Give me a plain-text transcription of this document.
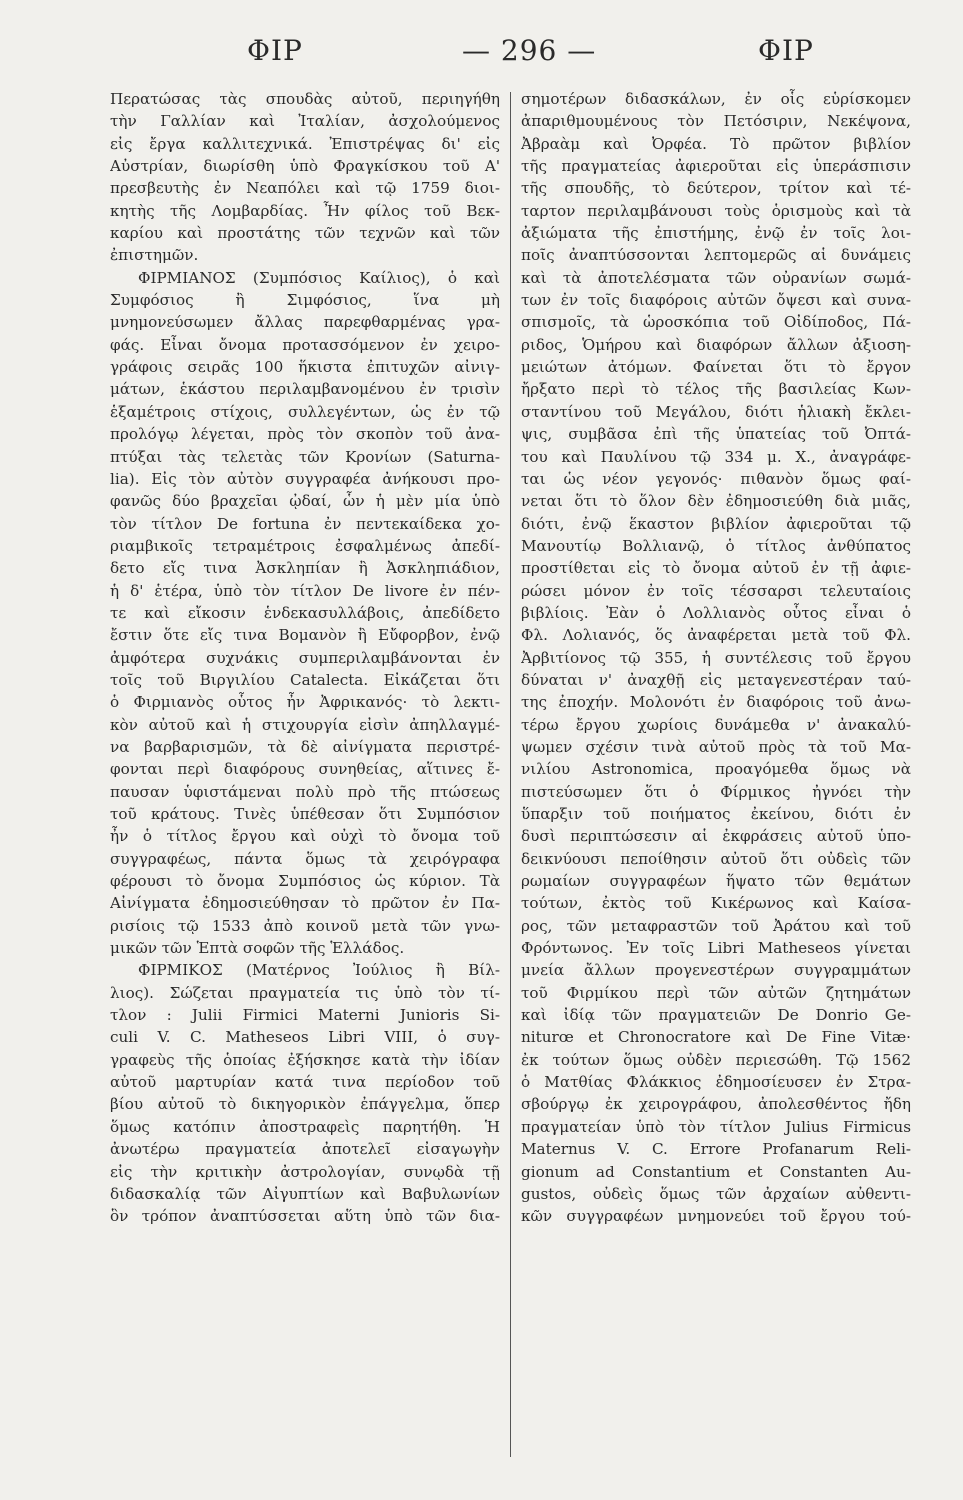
ΦΙΡ	— 296 —	ΦΙΡ
Περατώσας τὰς σπουδὰς αὐτοῦ, περιηγήθη
τὴν Γαλλίαν καὶ Ἰταλίαν, ἀσχολούμενος
εἰς ἔργα καλλιτεχνικά. Ἐπιστρέψας δι' εἰς
Αὐστρίαν, διωρίσθη ὑπὸ Φραγκίσκου τοῦ Α'
πρεσβευτὴς ἐν Νεαπόλει καὶ τῷ 1759 διοι-
κητὴς τῆς Λομβαρδίας. Ἦν φίλος τοῦ Βεκ-
καρίου καὶ προστάτης τῶν τεχνῶν καὶ τῶν
ἐπιστημῶν.
ΦΙΡΜΙΑΝΟΣ (Συμπόσιος Καίλιος), ὁ καὶ
Συμφόσιος ἢ Σιμφόσιος, ἵνα μὴ
μνημονεύσωμεν ἄλλας παρεφθαρμένας γρα-
φάς. Εἶναι ὄνομα προτασσόμενον ἐν χειρο-
γράφοις σειρᾶς 100 ἥκιστα ἐπιτυχῶν αἰνιγ-
μάτων, ἑκάστου περιλαμβανομένου ἐν τρισὶν
ἑξαμέτροις στίχοις, συλλεγέντων, ὡς ἐν τῷ
προλόγῳ λέγεται, πρὸς τὸν σκοπὸν τοῦ ἀνα-
πτύξαι τὰς τελετὰς τῶν Κρονίων (Saturna-
lia). Εἰς τὸν αὐτὸν συγγραφέα ἀνήκουσι προ-
φανῶς δύο βραχεῖαι ᾠδαί, ὧν ἡ μὲν μία ὑπὸ
τὸν τίτλον De fortuna ἐν πεντεκαίδεκα χο-
ριαμβικοῖς τετραμέτροις ἐσφαλμένως ἀπεδί-
δετο εἴς τινα Ἀσκληπίαν ἢ Ἀσκληπιάδιον,
ἡ δ' ἑτέρα, ὑπὸ τὸν τίτλον De livore ἐν πέν-
τε καὶ εἴκοσιν ἑνδεκασυλλάβοις, ἀπεδίδετο
ἔστιν ὅτε εἴς τινα Βομανὸν ἢ Εὔφορβον, ἐνῷ
ἀμφότερα συχνάκις συμπεριλαμβάνονται ἐν
τοῖς τοῦ Βιργιλίου Catalecta. Εἰκάζεται ὅτι
ὁ Φιρμιανὸς οὗτος ἦν Ἀφρικανός· τὸ λεκτι-
κὸν αὐτοῦ καὶ ἡ στιχουργία εἰσὶν ἀπηλλαγμέ-
να βαρβαρισμῶν, τὰ δὲ αἰνίγματα περιστρέ-
φονται περὶ διαφόρους συνηθείας, αἵτινες ἔ-
παυσαν ὑφιστάμεναι πολὺ πρὸ τῆς πτώσεως
τοῦ κράτους. Τινὲς ὑπέθεσαν ὅτι Συμπόσιον
ἦν ὁ τίτλος ἔργου καὶ οὐχὶ τὸ ὄνομα τοῦ
συγγραφέως, πάντα ὅμως τὰ χειρόγραφα
φέρουσι τὸ ὄνομα Συμπόσιος ὡς κύριον. Τὰ
Αἰνίγματα ἐδημοσιεύθησαν τὸ πρῶτον ἐν Πα-
ρισίοις τῷ 1533 ἀπὸ κοινοῦ μετὰ τῶν γνω-
μικῶν τῶν Ἑπτὰ σοφῶν τῆς Ἑλλάδος.
ΦΙΡΜΙΚΟΣ (Ματέρνος Ἰούλιος ἢ Βίλ-
λιος). Σώζεται πραγματεία τις ὑπὸ τὸν τί-
τλον : Julii Firmici Materni Junioris Si-
culi V. C. Matheseos Libri VIII, ὁ συγ-
γραφεὺς τῆς ὁποίας ἐξήσκησε κατὰ τὴν ἰδίαν
αὐτοῦ μαρτυρίαν κατά τινα περίοδον τοῦ
βίου αὐτοῦ τὸ δικηγορικὸν ἐπάγγελμα, ὅπερ
ὅμως κατόπιν ἀποστραφεὶς παρητήθη. Ἡ
ἀνωτέρω πραγματεία ἀποτελεῖ εἰσαγωγὴν
εἰς τὴν κριτικὴν ἀστρολογίαν, συνῳδὰ τῇ
διδασκαλίᾳ τῶν Αἰγυπτίων καὶ Βαβυλωνίων
ὃν τρόπον ἀναπτύσσεται αὕτη ὑπὸ τῶν δια-
σημοτέρων διδασκάλων, ἐν οἷς εὑρίσκομεν
ἀπαριθμουμένους τὸν Πετόσιριν, Νεκέψονα,
Ἀβραὰμ καὶ Ὀρφέα. Τὸ πρῶτον βιβλίον
τῆς πραγματείας ἀφιεροῦται εἰς ὑπεράσπισιν
τῆς σπουδῆς, τὸ δεύτερον, τρίτον καὶ τέ-
ταρτον περιλαμβάνουσι τοὺς ὁρισμοὺς καὶ τὰ
ἀξιώματα τῆς ἐπιστήμης, ἐνῷ ἐν τοῖς λοι-
ποῖς ἀναπτύσσονται λεπτομερῶς αἱ δυνάμεις
καὶ τὰ ἀποτελέσματα τῶν οὐρανίων σωμά-
των ἐν τοῖς διαφόροις αὐτῶν ὄψεσι καὶ συνα-
σπισμοῖς, τὰ ὡροσκόπια τοῦ Οἰδίποδος, Πά-
ριδος, Ὁμήρου καὶ διαφόρων ἄλλων ἀξιοση-
μειώτων ἀτόμων. Φαίνεται ὅτι τὸ ἔργον
ἤρξατο περὶ τὸ τέλος τῆς βασιλείας Κων-
σταντίνου τοῦ Μεγάλου, διότι ἡλιακὴ ἔκλει-
ψις, συμβᾶσα ἐπὶ τῆς ὑπατείας τοῦ Ὀπτά-
του καὶ Παυλίνου τῷ 334 μ. Χ., ἀναγράφε-
ται ὡς νέον γεγονός· πιθανὸν ὅμως φαί-
νεται ὅτι τὸ ὅλον δὲν ἐδημοσιεύθη διὰ μιᾶς,
διότι, ἐνῷ ἕκαστον βιβλίον ἀφιεροῦται τῷ
Μανουτίῳ Βολλιανῷ, ὁ τίτλος ἀνθύπατος
προστίθεται εἰς τὸ ὄνομα αὐτοῦ ἐν τῇ ἀφιε-
ρώσει μόνον ἐν τοῖς τέσσαρσι τελευταίοις
βιβλίοις. Ἐὰν ὁ Λολλιανὸς οὗτος εἶναι ὁ
Φλ. Λολιανός, ὅς ἀναφέρεται μετὰ τοῦ Φλ.
Ἀρβιτίονος τῷ 355, ἡ συντέλεσις τοῦ ἔργου
δύναται ν' ἀναχθῇ εἰς μεταγενεστέραν ταύ-
της ἐποχήν. Μολονότι ἐν διαφόροις τοῦ ἀνω-
τέρω ἔργου χωρίοις δυνάμεθα ν' ἀνακαλύ-
ψωμεν σχέσιν τινὰ αὐτοῦ πρὸς τὰ τοῦ Μα-
νιλίου Astronomica, προαγόμεθα ὅμως νὰ
πιστεύσωμεν ὅτι ὁ Φίρμικος ἠγνόει τὴν
ὕπαρξιν τοῦ ποιήματος ἐκείνου, διότι ἐν
δυσὶ περιπτώσεσιν αἱ ἐκφράσεις αὐτοῦ ὑπο-
δεικνύουσι πεποίθησιν αὐτοῦ ὅτι οὐδεὶς τῶν
ρωμαίων συγγραφέων ἥψατο τῶν θεμάτων
τούτων, ἐκτὸς τοῦ Κικέρωνος καὶ Καίσα-
ρος, τῶν μεταφραστῶν τοῦ Ἀράτου καὶ τοῦ
Φρόντωνος. Ἐν τοῖς Libri Matheseos γίνεται
μνεία ἄλλων προγενεστέρων συγγραμμάτων
τοῦ Φιρμίκου περὶ τῶν αὐτῶν ζητημάτων
καὶ ἰδίᾳ τῶν πραγματειῶν De Donrio Ge-
niturœ et Chronocratore καὶ De Fine Vitæ·
ἐκ τούτων ὅμως οὐδὲν περιεσώθη. Τῷ 1562
ὁ Ματθίας Φλάκκιος ἐδημοσίευσεν ἐν Στρα-
σβούργῳ ἐκ χειρογράφου, ἀπολεσθέντος ἤδη
πραγματείαν ὑπὸ τὸν τίτλον Julius Firmicus
Maternus V. C. Errore Profanarum Reli-
gionum ad Constantium et Constanten Au-
gustos, οὐδεὶς ὅμως τῶν ἀρχαίων αὐθεντι-
κῶν συγγραφέων μνημονεύει τοῦ ἔργου τού-
